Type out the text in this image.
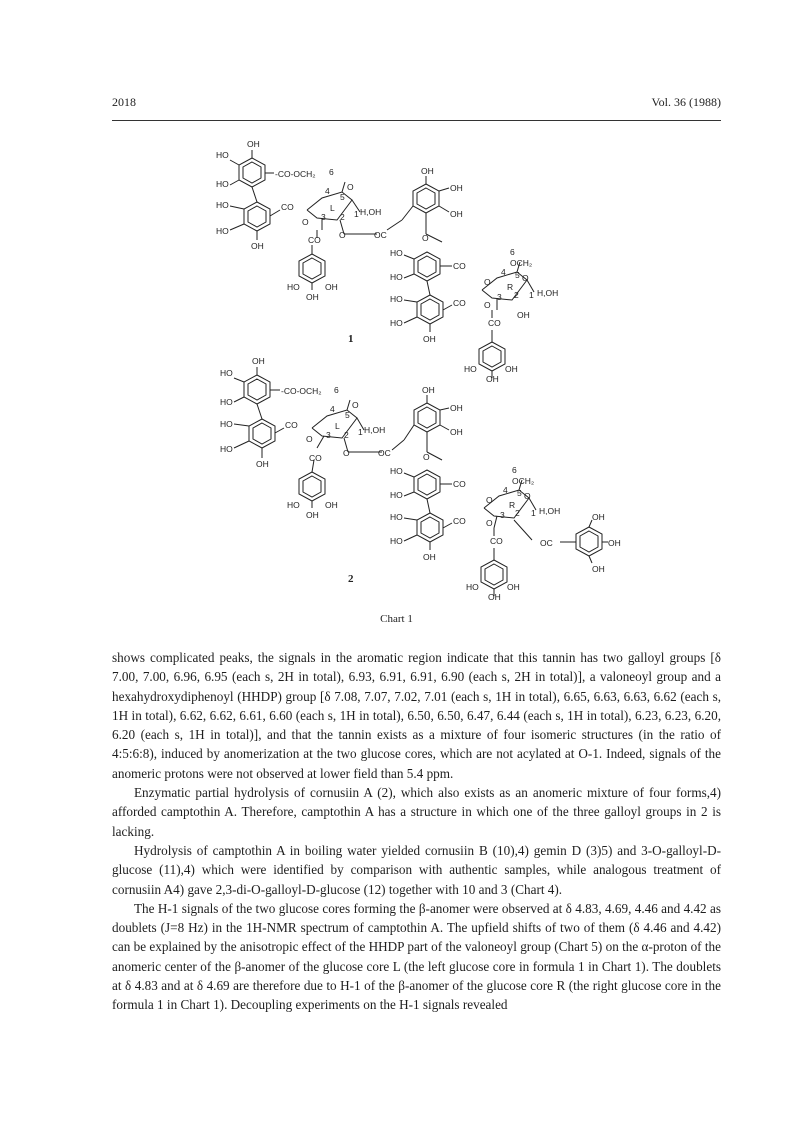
2018	Vol. 36 (1988)
OH
HO
HO
HO
HO
OH
-CO-OCH₂
CO
6
O
5
4
L
3 2 1 H,OH
O
O	OC
CO
HO	OH
OH
OH
OH
OH
O
HO
HO
HO
HO
OH
CO
CO
6
OCH₂
O
5
4
R
3 2 1 H,OH
O
O
CO
OH
HO	OH
OH
1
OH
HO
HO
HO
HO
OH
-CO-OCH₂
CO
6
O
5
4
L
3 2 1 H,OH
O
O	OC
CO
HO	OH
OH
OH
OH
OH
O
HO
HO
HO
HO
OH
CO
CO
6
OCH₂
O
5
4
R
3 2 1 H,OH
O
O
CO	OC
OH
OH
OH
HO	OH
OH
2
Chart 1

shows complicated peaks, the signals in the aromatic region indicate that this tannin has two galloyl groups [δ 7.00, 7.00, 6.96, 6.95 (each s, 2H in total), 6.93, 6.91, 6.91, 6.90 (each s, 2H in total)], a valoneoyl group and a hexahydroxydiphenoyl (HHDP) group [δ 7.08, 7.07, 7.02, 7.01 (each s, 1H in total), 6.65, 6.63, 6.63, 6.62 (each s, 1H in total), 6.62, 6.62, 6.61, 6.60 (each s, 1H in total), 6.50, 6.50, 6.47, 6.44 (each s, 1H in total), 6.23, 6.23, 6.20, 6.20 (each s, 1H in total)], and that the tannin exists as a mixture of four isomeric structures (in the ratio of 4:5:6:8), induced by anomerization at the two glucose cores, which are not acylated at O-1. Indeed, signals of the anomeric protons were not observed at lower field than 5.4 ppm.

Enzymatic partial hydrolysis of cornusiin A (2), which also exists as an anomeric mixture of four forms,4) afforded camptothin A. Therefore, camptothin A has a structure in which one of the three galloyl groups in 2 is lacking.

Hydrolysis of camptothin A in boiling water yielded cornusiin B (10),4) gemin D (3)5) and 3-O-galloyl-D-glucose (11),4) which were identified by comparison with authentic samples, while analogous treatment of cornusiin A4) gave 2,3-di-O-galloyl-D-glucose (12) together with 10 and 3 (Chart 4).

The H-1 signals of the two glucose cores forming the β-anomer were observed at δ 4.83, 4.69, 4.46 and 4.42 as doublets (J=8 Hz) in the 1H-NMR spectrum of camptothin A. The upfield shifts of two of them (δ 4.46 and 4.42) can be explained by the anisotropic effect of the HHDP part of the valoneoyl group (Chart 5) on the α-proton of the anomeric center of the β-anomer of the glucose core L (the left glucose core in formula 1 in Chart 1). The doublets at δ 4.83 and at δ 4.69 are therefore due to H-1 of the β-anomer of the glucose core R (the right glucose core in the formula 1 in Chart 1). Decoupling experiments on the H-1 signals revealed
